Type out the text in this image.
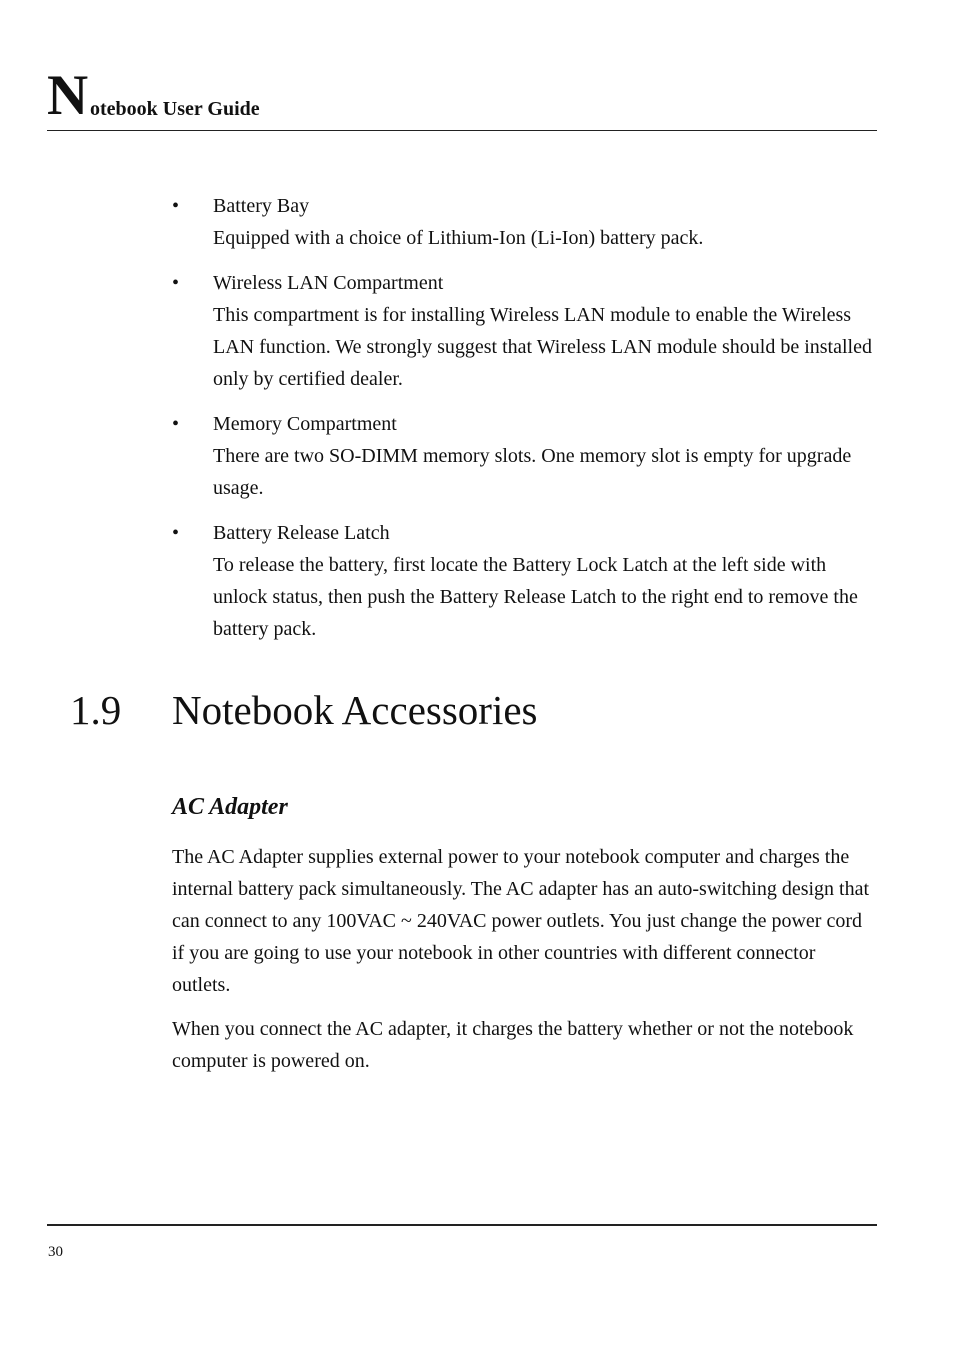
N otebook User Guide
• Battery Bay

Equipped with a choice of Lithium-Ion (Li-Ion) battery pack.

• Wireless LAN Compartment

This compartment is for installing Wireless LAN module to enable the Wireless LAN function. We strongly suggest that Wireless LAN module should be installed only by certified dealer.

• Memory Compartment

There are two SO-DIMM memory slots. One memory slot is empty for upgrade usage.

• Battery Release Latch

To release the battery, first locate the Battery Lock Latch at the left side with unlock status, then push the Battery Release Latch to the right end to remove the battery pack.

1.9 Notebook Accessories
AC Adapter

The AC Adapter supplies external power to your notebook computer and charges the internal battery pack simultaneously. The AC adapter has an auto-switching design that can connect to any 100VAC ~ 240VAC power outlets. You just change the power cord if you are going to use your notebook in other countries with different connector outlets.

When you connect the AC adapter, it charges the battery whether or not the notebook computer is powered on.

30
